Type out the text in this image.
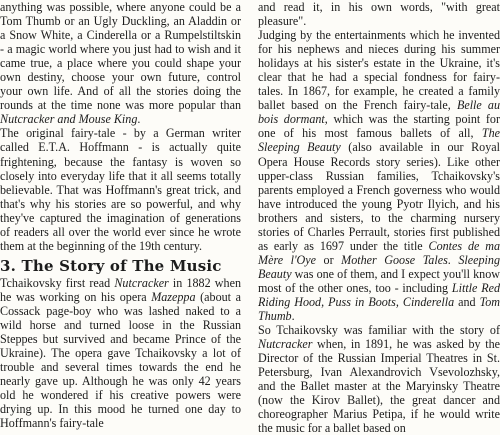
anything was possible, where anyone could be a Tom Thumb or an Ugly Duckling, an Aladdin or a Snow White, a Cinderella or a Rumpelstiltskin - a magic world where you just had to wish and it came true, a place where you could shape your own destiny, choose your own future, control your own life. And of all the stories doing the rounds at the time none was more popular than Nutcracker and Mouse King.

The original fairy-tale - by a German writer called E.T.A. Hoffmann - is actually quite frightening, because the fantasy is woven so closely into everyday life that it all seems totally believable. That was Hoffmann's great trick, and that's why his stories are so powerful, and why they've captured the imagination of generations of readers all over the world ever since he wrote them at the beginning of the 19th century.

3. The Story of The Music

Tchaikovsky first read Nutcracker in 1882 when he was working on his opera Mazeppa (about a Cossack page-boy who was lashed naked to a wild horse and turned loose in the Russian Steppes but survived and became Prince of the Ukraine). The opera gave Tchaikovsky a lot of trouble and several times towards the end he nearly gave up. Although he was only 42 years old he wondered if his creative powers were drying up. In this mood he turned one day to Hoffmann's fairy-tale

and read it, in his own words, "with great pleasure".

Judging by the entertainments which he invented for his nephews and nieces during his summer holidays at his sister's estate in the Ukraine, it's clear that he had a special fondness for fairy-tales. In 1867, for example, he created a family ballet based on the French fairy-tale, Belle au bois dormant, which was the starting point for one of his most famous ballets of all, The Sleeping Beauty (also available in our Royal Opera House Records story series). Like other upper-class Russian families, Tchaikovsky's parents employed a French governess who would have introduced the young Pyotr Ilyich, and his brothers and sisters, to the charming nursery stories of Charles Perrault, stories first published as early as 1697 under the title Contes de ma Mère l'Oye or Mother Goose Tales. Sleeping Beauty was one of them, and I expect you'll know most of the other ones, too - including Little Red Riding Hood, Puss in Boots, Cinderella and Tom Thumb.

So Tchaikovsky was familiar with the story of Nutcracker when, in 1891, he was asked by the Director of the Russian Imperial Theatres in St. Petersburg, Ivan Alexandrovich Vsevolozhsky, and the Ballet master at the Maryinsky Theatre (now the Kirov Ballet), the great dancer and choreographer Marius Petipa, if he would write the music for a ballet based on
